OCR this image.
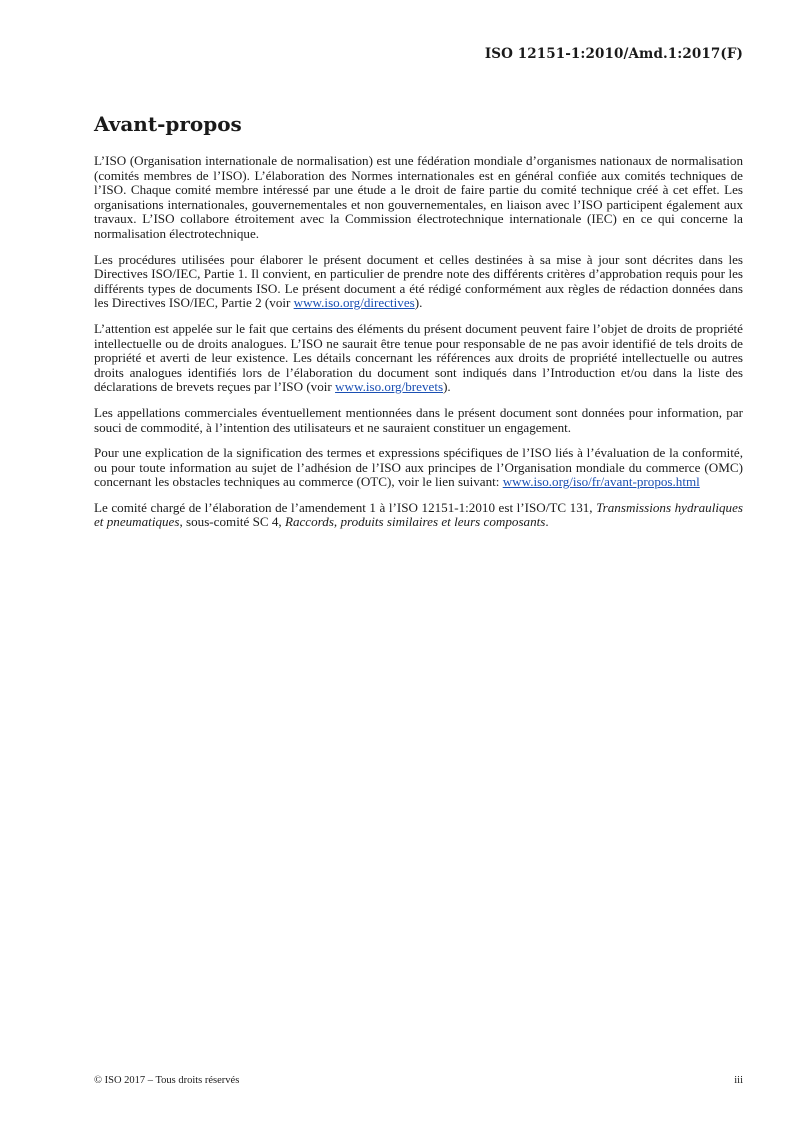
ISO 12151-1:2010/Amd.1:2017(F)
Avant-propos

L’ISO (Organisation internationale de normalisation) est une fédération mondiale d’organismes nationaux de normalisation (comités membres de l’ISO). L’élaboration des Normes internationales est en général confiée aux comités techniques de l’ISO. Chaque comité membre intéressé par une étude a le droit de faire partie du comité technique créé à cet effet. Les organisations internationales, gouvernementales et non gouvernementales, en liaison avec l’ISO participent également aux travaux. L’ISO collabore étroitement avec la Commission électrotechnique internationale (IEC) en ce qui concerne la normalisation électrotechnique.

Les procédures utilisées pour élaborer le présent document et celles destinées à sa mise à jour sont décrites dans les Directives ISO/IEC, Partie 1. Il convient, en particulier de prendre note des différents critères d’approbation requis pour les différents types de documents ISO. Le présent document a été rédigé conformément aux règles de rédaction données dans les Directives ISO/IEC, Partie 2 (voir www.iso.org/directives).

L’attention est appelée sur le fait que certains des éléments du présent document peuvent faire l’objet de droits de propriété intellectuelle ou de droits analogues. L’ISO ne saurait être tenue pour responsable de ne pas avoir identifié de tels droits de propriété et averti de leur existence. Les détails concernant les références aux droits de propriété intellectuelle ou autres droits analogues identifiés lors de l’élaboration du document sont indiqués dans l’Introduction et/ou dans la liste des déclarations de brevets reçues par l’ISO (voir www.iso.org/brevets).

Les appellations commerciales éventuellement mentionnées dans le présent document sont données pour information, par souci de commodité, à l’intention des utilisateurs et ne sauraient constituer un engagement.

Pour une explication de la signification des termes et expressions spécifiques de l’ISO liés à l’évaluation de la conformité, ou pour toute information au sujet de l’adhésion de l’ISO aux principes de l’Organisation mondiale du commerce (OMC) concernant les obstacles techniques au commerce (OTC), voir le lien suivant: www.iso.org/iso/fr/avant-propos.html

Le comité chargé de l’élaboration de l’amendement 1 à l’ISO 12151-1:2010 est l’ISO/TC 131, Transmissions hydrauliques et pneumatiques, sous-comité SC 4, Raccords, produits similaires et leurs composants.

© ISO 2017 – Tous droits réservés	iii
